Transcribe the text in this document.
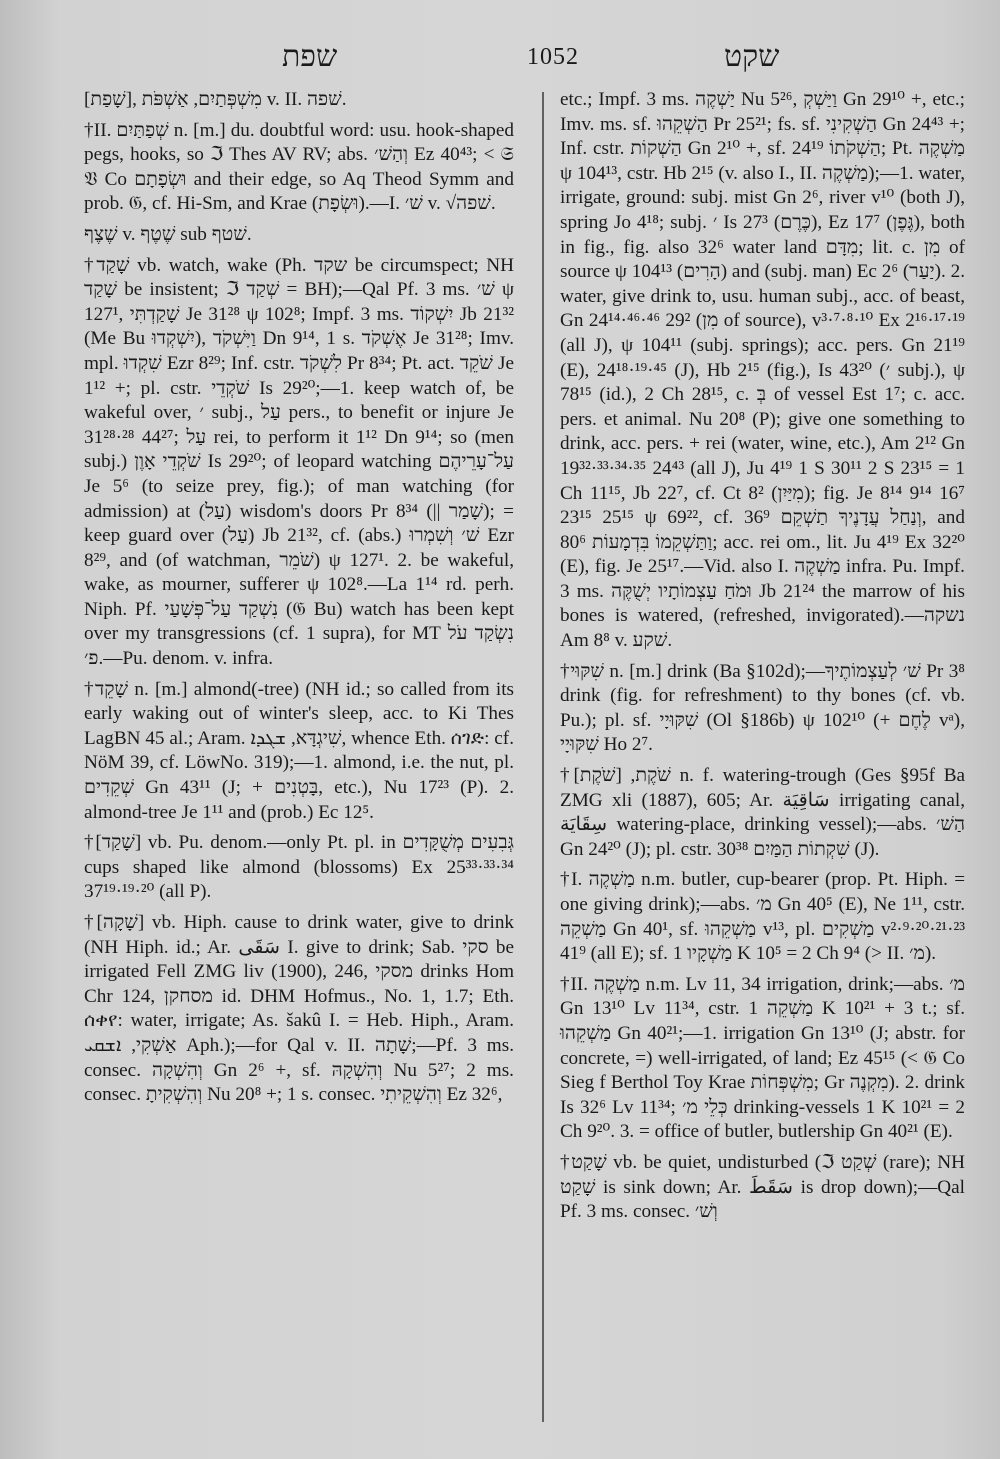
שפת	1052	שקט

[שָׁפַת], מִשְׁפְּתַיִם, אַשְׁפֹּת v. II. שׁפה.

†II. שְׁפַתַּיִם n. [m.] du. doubtful word: usu. hook-shaped pegs, hooks, so ℑ Thes AV RV; abs. וְהַשׁ׳ Ez 40⁴³; < 𝔖 𝔙 Co וּשְׂפָתָם and their edge, so Aq Theod Symm and prob. 𝔊, cf. Hi-Sm, and Krae (וּשְׂפָת).—I. שׁ׳ v. √שׁפה.

שֶׁצֶף v. שֶׁטֶף sub שׁטף.

†שָׁקַד vb. watch, wake (Ph. שקד be circumspect; NH שָׁקַד be insistent; ℑ שְׁקַד = BH);—Qal Pf. 3 ms. שׁ׳ ψ 127¹, שָׁקַדְתִּי Je 31²⁸ ψ 102⁸; Impf. 3 ms. יִשְׁקוֹד Jb 21³² (Me Bu יִשְׁקְדוּ), וַיִּשְׁקֹד Dn 9¹⁴, 1 s. אֶשְׁקֹד Je 31²⁸; Imv. mpl. שִׁקְדוּ Ezr 8²⁹; Inf. cstr. לִשְׁקֹד Pr 8³⁴; Pt. act. שֹׁקֵד Je 1¹² +; pl. cstr. שֹׁקְדֵי Is 29²⁰;—1. keep watch of, be wakeful over, ׳ subj., עַל pers., to benefit or injure Je 31²⁸·²⁸ 44²⁷; עַל rei, to perform it 1¹² Dn 9¹⁴; so (men subj.) שֹׁקְדֵי אָוֶן Is 29²⁰; of leopard watching עַל־עָרֵיהֶם Je 5⁶ (to seize prey, fig.); of man watching (for admission) at (עַל) wisdom's doors Pr 8³⁴ (|| שָׁמַר); = keep guard over (עַל) Jb 21³², cf. (abs.) שׁ׳ וְשִׁמְרוּ Ezr 8²⁹, and (of watchman, שֹׁמֵר) ψ 127¹. 2. be wakeful, wake, as mourner, sufferer ψ 102⁸.—La 1¹⁴ rd. perh. Niph. Pf. נִשְׁקַד עַל־פְּשָׁעַי (𝔊 Bu) watch has been kept over my transgressions (cf. 1 supra), for MT נִשְׂקַד עֹל פ׳.—Pu. denom. v. infra.

†שָׁקֵד n. [m.] almond(-tree) (NH id.; so called from its early waking out of winter's sleep, acc. to Ki Thes LagBN 45 al.; Aram. שִׁיגְדָּא, ܫܓܕܐ, whence Eth. ሰገድ: cf. NöM 39, cf. LöwNo. 319);—1. almond, i.e. the nut, pl. שְׁקֵדִים Gn 43¹¹ (J; + בָּטְנִים, etc.), Nu 17²³ (P). 2. almond-tree Je 1¹¹ and (prob.) Ec 12⁵.

†[שָׁקַד] vb. Pu. denom.—only Pt. pl. in גְּבִעִים מְשֻׁקָּדִים cups shaped like almond (blossoms) Ex 25³³·³³·³⁴ 37¹⁹·¹⁹·²⁰ (all P).

†[שָׁקָה] vb. Hiph. cause to drink water, give to drink (NH Hiph. id.; Ar. سَقَى I. give to drink; Sab. סקי be irrigated Fell ZMG liv (1900), 246, מסקי drinks Hom Chr 124, מסחקן id. DHM Hofmus., No. 1, 1.7; Eth. ሰቀየ: water, irrigate; As. šakû I. = Heb. Hiph., Aram. אַשְׁקִי, ܐܫܩܝ Aph.);—for Qal v. II. שָׁתָה;—Pf. 3 ms. consec. וְהִשְׁקָה Gn 2⁶ +, sf. וְהִשְׁקָהּ Nu 5²⁷; 2 ms. consec. וְהִשְׁקִיתָ Nu 20⁸ +; 1 s. consec. וְהִשְׁקֵיתִי Ez 32⁶,

etc.; Impf. 3 ms. יַשְׁקֶה Nu 5²⁶, וַיַּשְׁקְ Gn 29¹⁰ +, etc.; Imv. ms. sf. הַשְׁקֵהוּ Pr 25²¹; fs. sf. הַשְׁקִינִי Gn 24⁴³ +; Inf. cstr. הַשְׁקוֹת Gn 2¹⁰ +, sf. הַשְׁקֹתוֹ 24¹⁹; Pt. מַשְׁקֶה ψ 104¹³, cstr. Hb 2¹⁵ (v. also I., II. מַשְׁקֶה);—1. water, irrigate, ground: subj. mist Gn 2⁶, river v¹⁰ (both J), spring Jo 4¹⁸; subj. ׳ Is 27³ (כֶּרֶם), Ez 17⁷ (גֶּפֶן), both in fig., fig. also 32⁶ water land מִדָּם; lit. c. מִן of source ψ 104¹³ (הָרִים) and (subj. man) Ec 2⁶ (יַעַר). 2. water, give drink to, usu. human subj., acc. of beast, Gn 24¹⁴·⁴⁶·⁴⁶ 29² (מִן of source), v³·⁷·⁸·¹⁰ Ex 2¹⁶·¹⁷·¹⁹ (all J), ψ 104¹¹ (subj. springs); acc. pers. Gn 21¹⁹ (E), 24¹⁸·¹⁹·⁴⁵ (J), Hb 2¹⁵ (fig.), Is 43²⁰ (׳ subj.), ψ 78¹⁵ (id.), 2 Ch 28¹⁵, c. בְּ of vessel Est 1⁷; c. acc. pers. et animal. Nu 20⁸ (P); give one something to drink, acc. pers. + rei (water, wine, etc.), Am 2¹² Gn 19³²·³³·³⁴·³⁵ 24⁴³ (all J), Ju 4¹⁹ 1 S 30¹¹ 2 S 23¹⁵ = 1 Ch 11¹⁵, Jb 22⁷, cf. Ct 8² (מִיַּיִן); fig. Je 8¹⁴ 9¹⁴ 16⁷ 23¹⁵ 25¹⁵ ψ 69²², cf. וְנַחַל עֲדָנֶיךָ תַשְׁקֵם 36⁹, and וַתַּשְׁקֵמוֹ בִּדְמָעוֹת 80⁶; acc. rei om., lit. Ju 4¹⁹ Ex 32²⁰ (E), fig. Je 25¹⁷.—Vid. also I. מַשְׁקֶה infra. Pu. Impf. 3 ms. וּמֹחַ עַצְמוֹתָיו יְשֻׁקֶּה Jb 21²⁴ the marrow of his bones is watered, (refreshed, invigorated).—נשקה Am 8⁸ v. שׁקע.

†שִׁקּוּי n. [m.] drink (Ba §102d);—שׁ׳ לְעַצְמוֹתֶיךָ Pr 3⁸ drink (fig. for refreshment) to thy bones (cf. vb. Pu.); pl. sf. שִׁקּוּיָי (Ol §186b) ψ 102¹⁰ (+ לֶחֶם vᵃ), שִׁקּוּיָי Ho 2⁷.

†שֹׁקֶת, [שֹׁקֶת] n. f. watering-trough (Ges §95f Ba ZMG xli (1887), 605; Ar. سَاقِيَة irrigating canal, سِقَايَة watering-place, drinking vessel);—abs. הַשׁ׳ Gn 24²⁰ (J); pl. cstr. שִׁקְתוֹת הַמַּיִם 30³⁸ (J).

†I. מַשְׁקֶה n.m. butler, cup-bearer (prop. Pt. Hiph. = one giving drink);—abs. מ׳ Gn 40⁵ (E), Ne 1¹¹, cstr. מַשְׁקֵה Gn 40¹, sf. מַשְׁקֵהוּ v¹³, pl. מַשְׁקִים v²·⁹·²⁰·²¹·²³ 41⁹ (all E); sf. מַשְׁקָיו 1 K 10⁵ = 2 Ch 9⁴ (> II. מ׳).

†II. מַשְׁקֶה n.m. Lv 11, 34 irrigation, drink;—abs. מ׳ Gn 13¹⁰ Lv 11³⁴, cstr. מַשְׁקֵה 1 K 10²¹ + 3 t.; sf. מַשְׁקֵהוּ Gn 40²¹;—1. irrigation Gn 13¹⁰ (J; abstr. for concrete, =) well-irrigated, of land; Ez 45¹⁵ (< 𝔊 Co Sieg f Berthol Toy Krae מִשְׁפְּחוֹת; Gr מִקְנֶה). 2. drink Is 32⁶ Lv 11³⁴; כְּלֵי מ׳ drinking-vessels 1 K 10²¹ = 2 Ch 9²⁰. 3. = office of butler, butlership Gn 40²¹ (E).

†שָׁקַט vb. be quiet, undisturbed (ℑ שְׁקַט (rare); NH שָׁקַט is sink down; Ar. سَقَطَ is drop down);—Qal Pf. 3 ms. consec. וְשׁ׳
